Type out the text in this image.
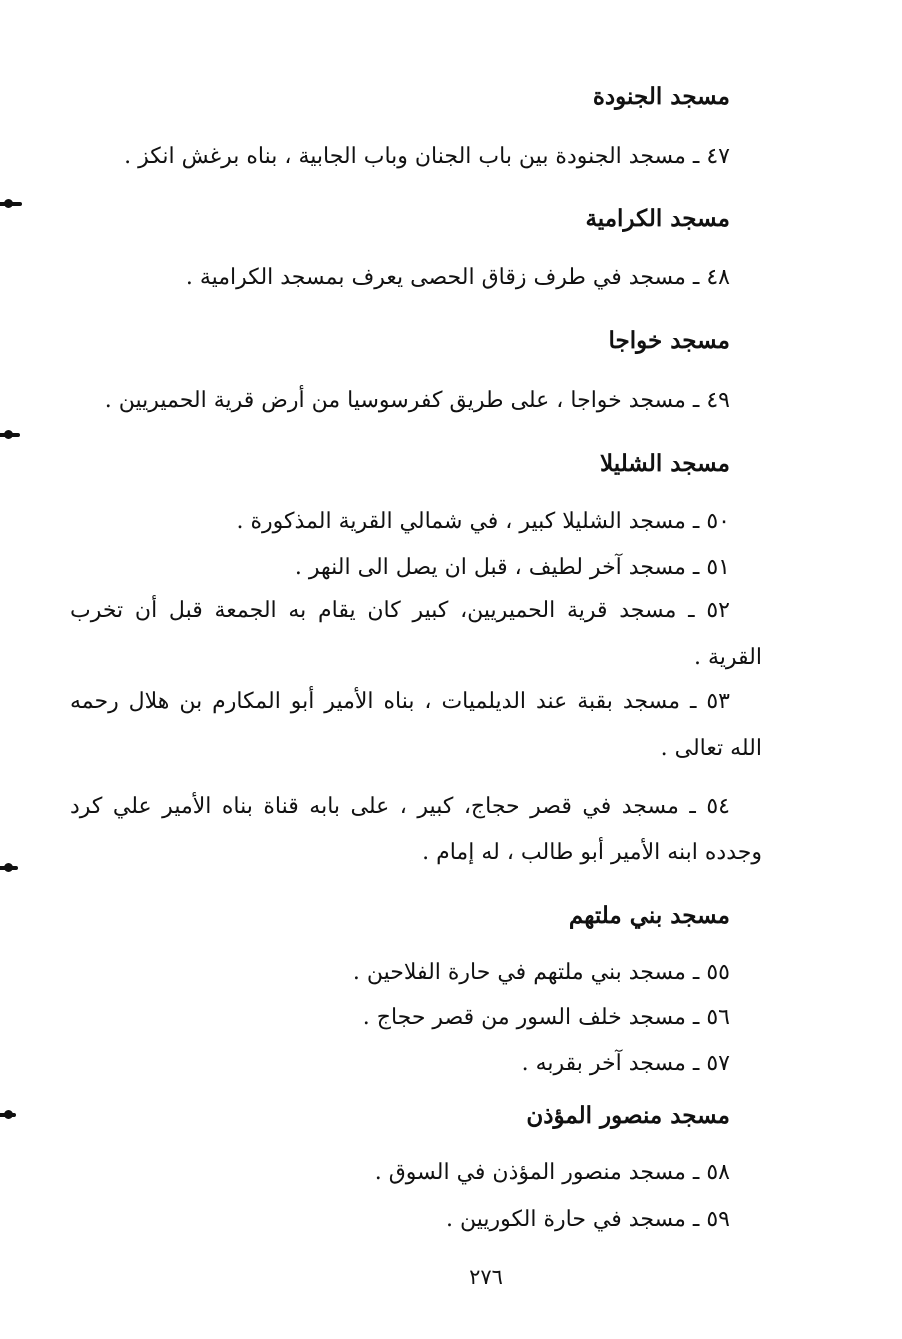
مسجد الجنودة
٤٧ ـ مسجد الجنودة بين باب الجنان وباب الجابية ، بناه برغش انكز .
مسجد الكرامية
٤٨ ـ مسجد في طرف زقاق الحصى يعرف بمسجد الكرامية .
مسجد خواجا
٤٩ ـ مسجد خواجا ، على طريق كفرسوسيا من أرض قرية الحميريين .
مسجد الشليلا
٥٠ ـ مسجد الشليلا كبير ، في شمالي القرية المذكورة .
٥١ ـ مسجد آخر لطيف ، قبل ان يصل الى النهر .
٥٢ ـ مسجد قرية الحميريين، كبير كان يقام به الجمعة قبل أن تخرب
القرية .
٥٣ ـ مسجد بقبة عند الديلميات ، بناه الأمير أبو المكارم بن هلال رحمه
الله تعالى .
٥٤ ـ مسجد في قصر حجاج، كبير ، على بابه قناة بناه الأمير علي كرد
وجدده ابنه الأمير أبو طالب ، له إمام .
مسجد بني ملتهم
٥٥ ـ مسجد بني ملتهم في حارة الفلاحين .
٥٦ ـ مسجد خلف السور من قصر حجاج .
٥٧ ـ مسجد آخر بقربه .
مسجد منصور المؤذن
٥٨ ـ مسجد منصور المؤذن في السوق .
٥٩ ـ مسجد في حارة الكوريين .
٢٧٦
